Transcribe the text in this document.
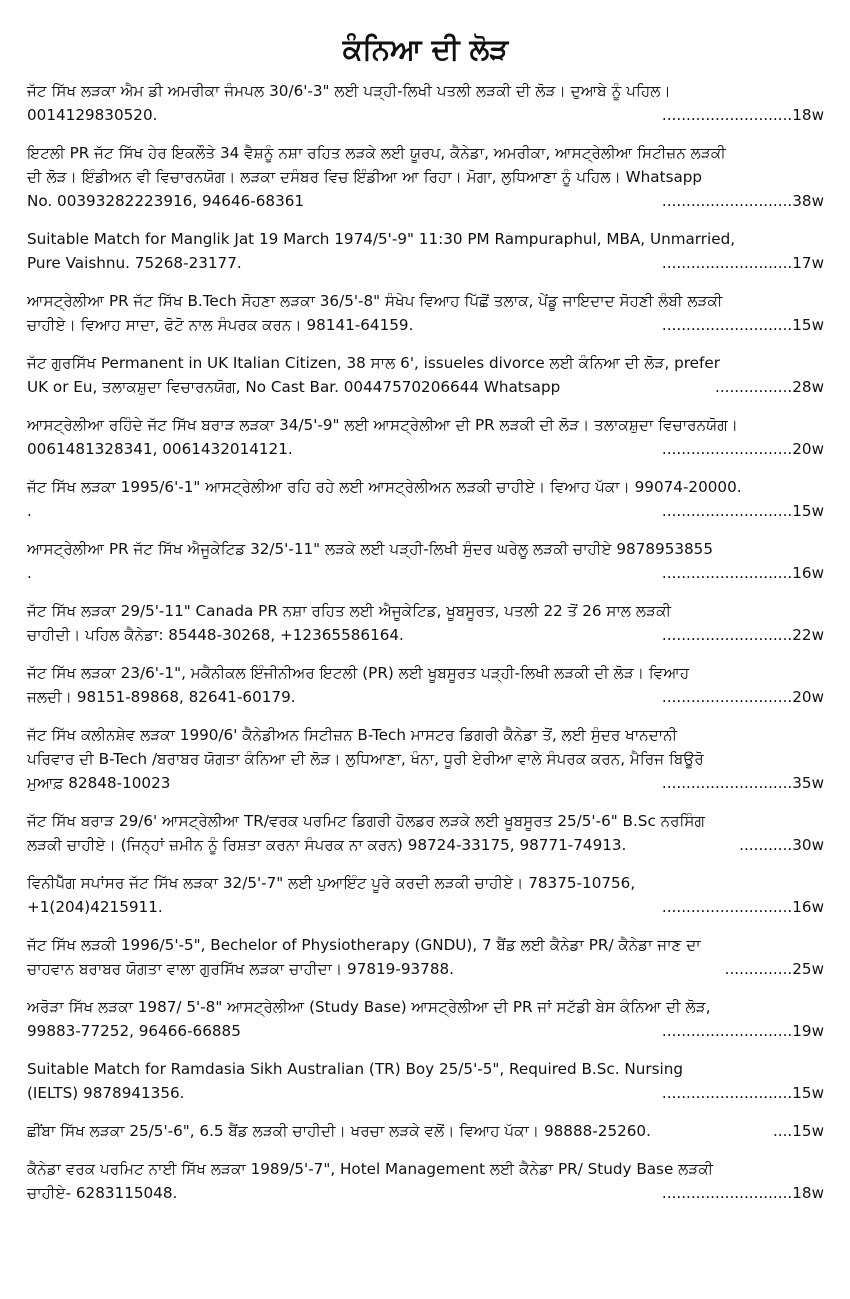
ਕੰਨਿਆ ਦੀ ਲੋੜ
ਜੱਟ ਸਿੱਖ ਲੜਕਾ ਐਮ ਡੀ ਅਮਰੀਕਾ ਜੰਮਪਲ 30/6'-3" ਲਈ ਪੜ੍ਹੀ-ਲਿਖੀ ਪਤਲੀ ਲੜਕੀ ਦੀ ਲੋੜ। ਦੁਆਬੇ ਨੂੰ ਪਹਿਲ।
0014129830520.	...........................18w
ਇਟਲੀ PR ਜੱਟ ਸਿੱਖ ਹੇਰ ਇਕਲੌਤੇ 34 ਵੈਸ਼ਨੂੰ ਨਸ਼ਾ ਰਹਿਤ ਲੜਕੇ ਲਈ ਯੂਰਪ, ਕੈਨੇਡਾ, ਅਮਰੀਕਾ, ਆਸਟ੍ਰੇਲੀਆ ਸਿਟੀਜ਼ਨ ਲੜਕੀ
ਦੀ ਲੋੜ। ਇੰਡੀਅਨ ਵੀ ਵਿਚਾਰਨਯੋਗ। ਲੜਕਾ ਦਸੰਬਰ ਵਿਚ ਇੰਡੀਆ ਆ ਰਿਹਾ। ਮੋਗਾ, ਲੁਧਿਆਣਾ ਨੂੰ ਪਹਿਲ। Whatsapp
No. 00393282223916, 94646-68361	...........................38w
Suitable Match for Manglik Jat 19 March 1974/5'-9" 11:30 PM Rampuraphul, MBA, Unmarried,
Pure Vaishnu. 75268-23177.	...........................17w
ਆਸਟ੍ਰੇਲੀਆ PR ਜੱਟ ਸਿੱਖ B.Tech ਸੋਹਣਾ ਲੜਕਾ 36/5'-8" ਸੰਖੇਪ ਵਿਆਹ ਪਿੱਛੋਂ ਤਲਾਕ, ਪੇਂਡੂ ਜਾਇਦਾਦ ਸੋਹਣੀ ਲੰਬੀ ਲੜਕੀ
ਚਾਹੀਏ। ਵਿਆਹ ਸਾਦਾ, ਫੋਟੋ ਨਾਲ ਸੰਪਰਕ ਕਰਨ। 98141-64159.	...........................15w
ਜੱਟ ਗੁਰਸਿੱਖ Permanent in UK Italian Citizen, 38 ਸਾਲ 6', issueles divorce ਲਈ ਕੰਨਿਆ ਦੀ ਲੋੜ, prefer
UK or Eu, ਤਲਾਕਸ਼ੁਦਾ ਵਿਚਾਰਨਯੋਗ, No Cast Bar. 00447570206644 Whatsapp	................28w
ਆਸਟ੍ਰੇਲੀਆ ਰਹਿੰਦੇ ਜੱਟ ਸਿੱਖ ਬਰਾੜ ਲੜਕਾ 34/5'-9" ਲਈ ਆਸਟ੍ਰੇਲੀਆ ਦੀ PR ਲੜਕੀ ਦੀ ਲੋੜ। ਤਲਾਕਸ਼ੁਦਾ ਵਿਚਾਰਨਯੋਗ।
0061481328341, 0061432014121.	...........................20w
ਜੱਟ ਸਿੱਖ ਲੜਕਾ 1995/6'-1" ਆਸਟ੍ਰੇਲੀਆ ਰਹਿ ਰਹੇ ਲਈ ਆਸਟ੍ਰੇਲੀਅਨ ਲੜਕੀ ਚਾਹੀਏ। ਵਿਆਹ ਪੱਕਾ। 99074-20000.
.	...........................15w
ਆਸਟ੍ਰੇਲੀਆ PR ਜੱਟ ਸਿੱਖ ਐਜੂਕੇਟਿਡ 32/5'-11" ਲੜਕੇ ਲਈ ਪੜ੍ਹੀ-ਲਿਖੀ ਸੁੰਦਰ ਘਰੇਲੂ ਲੜਕੀ ਚਾਹੀਏ 9878953855
.	...........................16w
ਜੱਟ ਸਿੱਖ ਲੜਕਾ 29/5'-11" Canada PR ਨਸ਼ਾ ਰਹਿਤ ਲਈ ਐਜੂਕੇਟਿਡ, ਖੂਬਸੂਰਤ, ਪਤਲੀ 22 ਤੋਂ 26 ਸਾਲ ਲੜਕੀ
ਚਾਹੀਦੀ। ਪਹਿਲ ਕੈਨੇਡਾ: 85448-30268, +12365586164.	...........................22w
ਜੱਟ ਸਿੱਖ ਲੜਕਾ 23/6'-1", ਮਕੈਨੀਕਲ ਇੰਜੀਨੀਅਰ ਇਟਲੀ (PR) ਲਈ ਖੂਬਸੂਰਤ ਪੜ੍ਹੀ-ਲਿਖੀ ਲੜਕੀ ਦੀ ਲੋੜ। ਵਿਆਹ
ਜਲਦੀ। 98151-89868, 82641-60179.	...........................20w
ਜੱਟ ਸਿੱਖ ਕਲੀਨਸ਼ੇਵ ਲੜਕਾ 1990/6' ਕੈਨੇਡੀਅਨ ਸਿਟੀਜ਼ਨ B-Tech ਮਾਸਟਰ ਡਿਗਰੀ ਕੈਨੇਡਾ ਤੋਂ, ਲਈ ਸੁੰਦਰ ਖਾਨਦਾਨੀ
ਪਰਿਵਾਰ ਦੀ B-Tech /ਬਰਾਬਰ ਯੋਗਤਾ ਕੰਨਿਆ ਦੀ ਲੋੜ। ਲੁਧਿਆਣਾ, ਖੰਨਾ, ਧੂਰੀ ਏਰੀਆ ਵਾਲੇ ਸੰਪਰਕ ਕਰਨ, ਮੈਰਿਜ ਬਿਊਰੋ
ਮੁਆਫ਼ 82848-10023	...........................35w
ਜੱਟ ਸਿੱਖ ਬਰਾੜ 29/6' ਆਸਟ੍ਰੇਲੀਆ TR/ਵਰਕ ਪਰਮਿਟ ਡਿਗਰੀ ਹੋਲਡਰ ਲੜਕੇ ਲਈ ਖੂਬਸੂਰਤ 25/5'-6" B.Sc ਨਰਸਿੰਗ
ਲੜਕੀ ਚਾਹੀਏ। (ਜਿਨ੍ਹਾਂ ਜ਼ਮੀਨ ਨੂੰ ਰਿਸ਼ਤਾ ਕਰਨਾ ਸੰਪਰਕ ਨਾ ਕਰਨ) 98724-33175, 98771-74913.	...........30w
ਵਿਨੀਪੈੱਗ ਸਪਾਂਸਰ ਜੱਟ ਸਿੱਖ ਲੜਕਾ 32/5'-7" ਲਈ ਪੁਆਇੰਟ ਪੂਰੇ ਕਰਦੀ ਲੜਕੀ ਚਾਹੀਏ। 78375-10756,
+1(204)4215911.	...........................16w
ਜੱਟ ਸਿੱਖ ਲੜਕੀ 1996/5'-5", Bechelor of Physiotherapy (GNDU), 7 ਬੈਂਡ ਲਈ ਕੈਨੇਡਾ PR/ ਕੈਨੇਡਾ ਜਾਣ ਦਾ
ਚਾਹਵਾਨ ਬਰਾਬਰ ਯੋਗਤਾ ਵਾਲਾ ਗੁਰਸਿੱਖ ਲੜਕਾ ਚਾਹੀਦਾ। 97819-93788.	..............25w
ਅਰੋੜਾ ਸਿੱਖ ਲੜਕਾ 1987/ 5'-8" ਆਸਟ੍ਰੇਲੀਆ (Study Base) ਆਸਟ੍ਰੇਲੀਆ ਦੀ PR ਜਾਂ ਸਟੱਡੀ ਬੇਸ ਕੰਨਿਆ ਦੀ ਲੋੜ,
99883-77252, 96466-66885	...........................19w
Suitable Match for Ramdasia Sikh Australian (TR) Boy 25/5'-5", Required B.Sc. Nursing
(IELTS) 9878941356.	...........................15w
ਛੀਂਬਾ ਸਿੱਖ ਲੜਕਾ 25/5'-6", 6.5 ਬੈਂਡ ਲੜਕੀ ਚਾਹੀਦੀ। ਖਰਚਾ ਲੜਕੇ ਵਲੋਂ। ਵਿਆਹ ਪੱਕਾ। 98888-25260.	....15w
ਕੈਨੇਡਾ ਵਰਕ ਪਰਮਿਟ ਨਾਈ ਸਿੱਖ ਲੜਕਾ 1989/5'-7", Hotel Management ਲਈ ਕੈਨੇਡਾ PR/ Study Base ਲੜਕੀ
ਚਾਹੀਏ- 6283115048.	...........................18w
